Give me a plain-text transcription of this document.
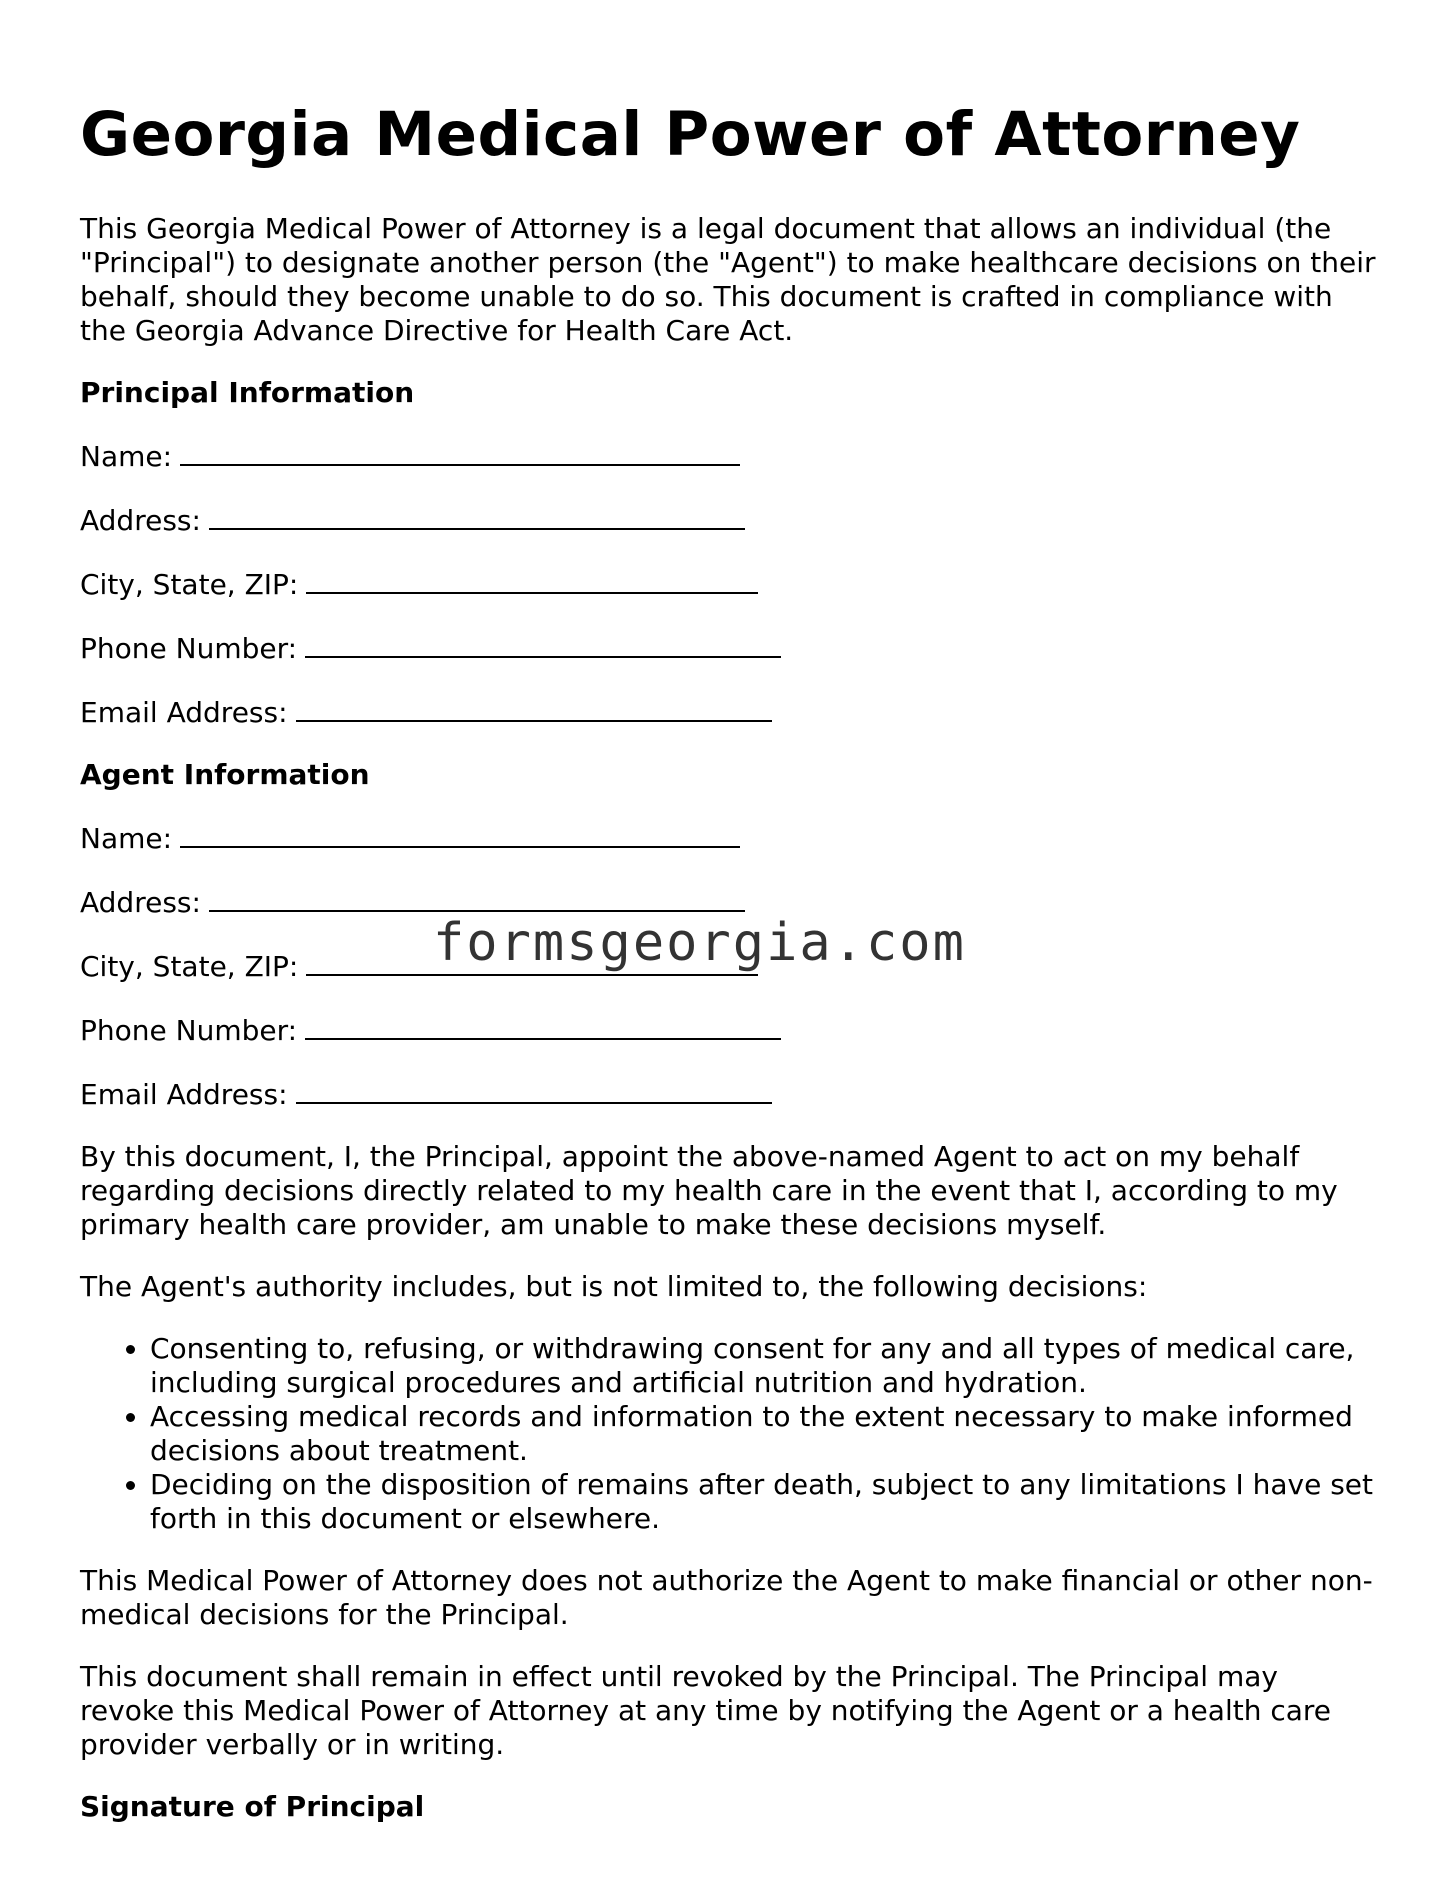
Georgia Medical Power of Attorney

This Georgia Medical Power of Attorney is a legal document that allows an individual (the "Principal") to designate another person (the "Agent") to make healthcare decisions on their behalf, should they become unable to do so. This document is crafted in compliance with the Georgia Advance Directive for Health Care Act.

Principal Information
Name:
Address:
City, State, ZIP:
Phone Number:
Email Address:
Agent Information
Name:
Address:
City, State, ZIP:
Phone Number:
Email Address:

By this document, I, the Principal, appoint the above-named Agent to act on my behalf regarding decisions directly related to my health care in the event that I, according to my primary health care provider, am unable to make these decisions myself.

The Agent's authority includes, but is not limited to, the following decisions:

• Consenting to, refusing, or withdrawing consent for any and all types of medical care, including surgical procedures and artificial nutrition and hydration.
• Accessing medical records and information to the extent necessary to make informed decisions about treatment.
• Deciding on the disposition of remains after death, subject to any limitations I have set forth in this document or elsewhere.

This Medical Power of Attorney does not authorize the Agent to make financial or other non-medical decisions for the Principal.

This document shall remain in effect until revoked by the Principal. The Principal may revoke this Medical Power of Attorney at any time by notifying the Agent or a health care provider verbally or in writing.

Signature of Principal
formsgeorgia.com
